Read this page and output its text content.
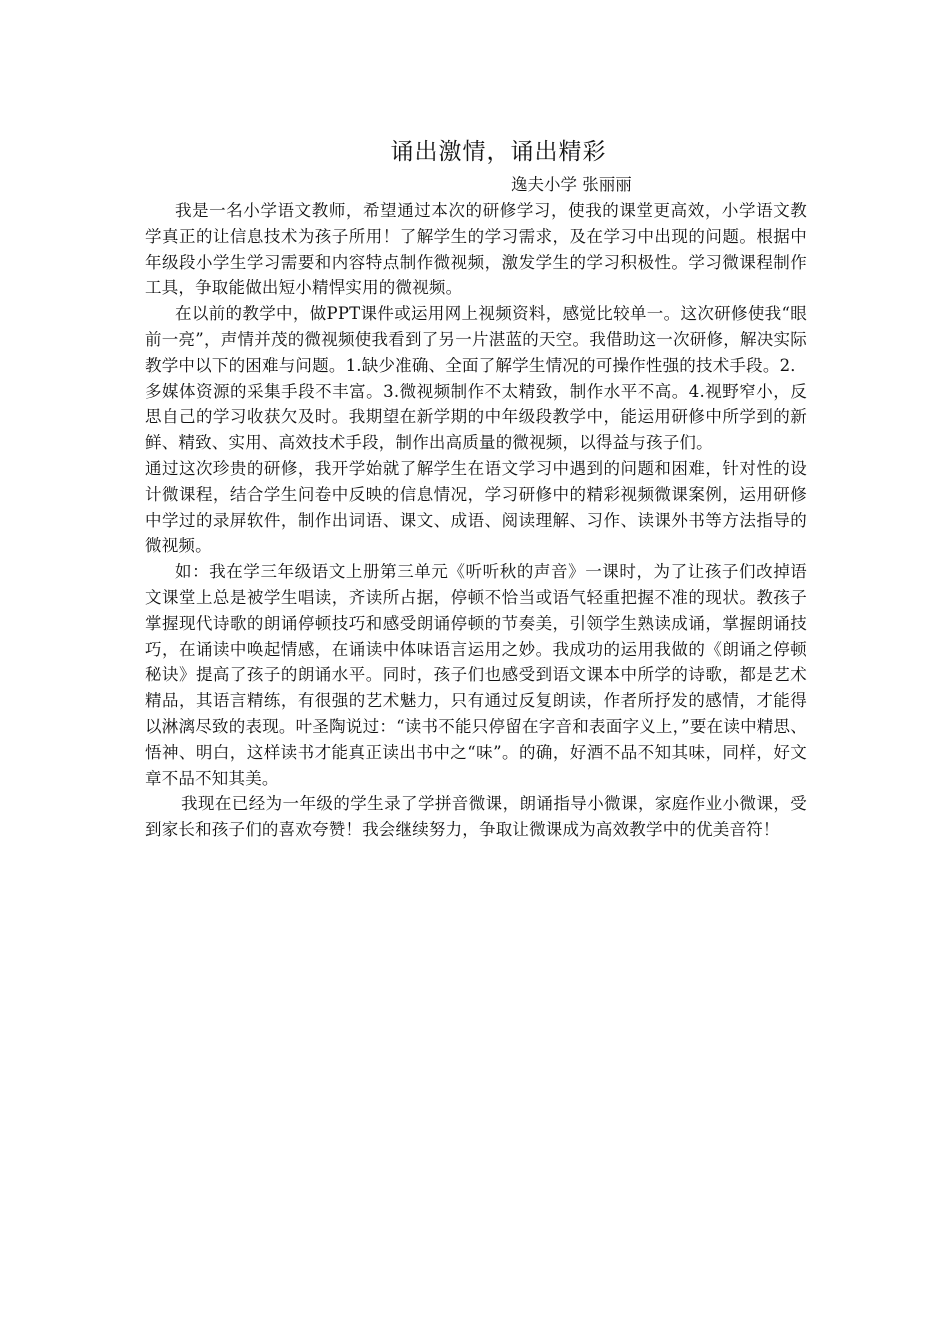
诵出激情，诵出精彩

逸夫小学 张丽丽

我是一名小学语文教师，希望通过本次的研修学习，使我的课堂更高效，小学语文教学真正的让信息技术为孩子所用！了解学生的学习需求，及在学习中出现的问题。根据中年级段小学生学习需要和内容特点制作微视频，激发学生的学习积极性。学习微课程制作工具，争取能做出短小精悍实用的微视频。

在以前的教学中，做PPT课件或运用网上视频资料，感觉比较单一。这次研修使我“眼前一亮”，声情并茂的微视频使我看到了另一片湛蓝的天空。我借助这一次研修，解决实际教学中以下的困难与问题。1.缺少准确、全面了解学生情况的可操作性强的技术手段。2．多媒体资源的采集手段不丰富。3.微视频制作不太精致，制作水平不高。4.视野窄小，反思自己的学习收获欠及时。我期望在新学期的中年级段教学中，能运用研修中所学到的新鲜、精致、实用、高效技术手段，制作出高质量的微视频，以得益与孩子们。

通过这次珍贵的研修，我开学始就了解学生在语文学习中遇到的问题和困难，针对性的设计微课程，结合学生问卷中反映的信息情况，学习研修中的精彩视频微课案例，运用研修中学过的录屏软件，制作出词语、课文、成语、阅读理解、习作、读课外书等方法指导的微视频。

如：我在学三年级语文上册第三单元《听听秋的声音》一课时，为了让孩子们改掉语文课堂上总是被学生唱读，齐读所占据，停顿不恰当或语气轻重把握不准的现状。教孩子掌握现代诗歌的朗诵停顿技巧和感受朗诵停顿的节奏美，引领学生熟读成诵，掌握朗诵技巧，在诵读中唤起情感，在诵读中体味语言运用之妙。我成功的运用我做的《朗诵之停顿秘诀》提高了孩子的朗诵水平。同时，孩子们也感受到语文课本中所学的诗歌，都是艺术精品，其语言精练，有很强的艺术魅力，只有通过反复朗读，作者所抒发的感情，才能得以淋漓尽致的表现。叶圣陶说过：“读书不能只停留在字音和表面字义上，”要在读中精思、悟神、明白，这样读书才能真正读出书中之“味”。的确，好酒不品不知其味，同样，好文章不品不知其美。

我现在已经为一年级的学生录了学拼音微课，朗诵指导小微课，家庭作业小微课，受到家长和孩子们的喜欢夸赞！我会继续努力，争取让微课成为高效教学中的优美音符！
